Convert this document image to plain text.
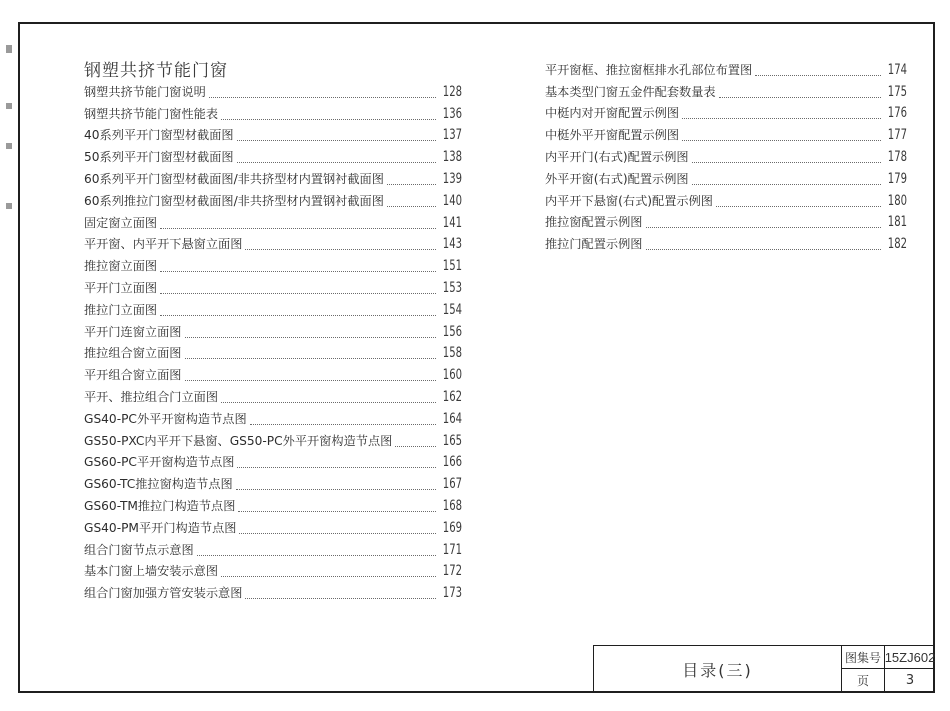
钢塑共挤节能门窗
钢塑共挤节能门窗说明	128
钢塑共挤节能门窗性能表	136
40系列平开门窗型材截面图	137
50系列平开门窗型材截面图	138
60系列平开门窗型材截面图/非共挤型材内置钢衬截面图	139
60系列推拉门窗型材截面图/非共挤型材内置钢衬截面图	140
固定窗立面图	141
平开窗、内平开下悬窗立面图	143
推拉窗立面图	151
平开门立面图	153
推拉门立面图	154
平开门连窗立面图	156
推拉组合窗立面图	158
平开组合窗立面图	160
平开、推拉组合门立面图	162
GS40-PC外平开窗构造节点图	164
GS50-PXC内平开下悬窗、GS50-PC外平开窗构造节点图	165
GS60-PC平开窗构造节点图	166
GS60-TC推拉窗构造节点图	167
GS60-TM推拉门构造节点图	168
GS40-PM平开门构造节点图	169
组合门窗节点示意图	171
基本门窗上墙安装示意图	172
组合门窗加强方管安装示意图	173
平开窗框、推拉窗框排水孔部位布置图	174
基本类型门窗五金件配套数量表	175
中梃内对开窗配置示例图	176
中梃外平开窗配置示例图	177
内平开门(右式)配置示例图	178
外平开窗(右式)配置示例图	179
内平开下悬窗(右式)配置示例图	180
推拉窗配置示例图	181
推拉门配置示例图	182
目录(三)
图集号 15ZJ602
页	3
